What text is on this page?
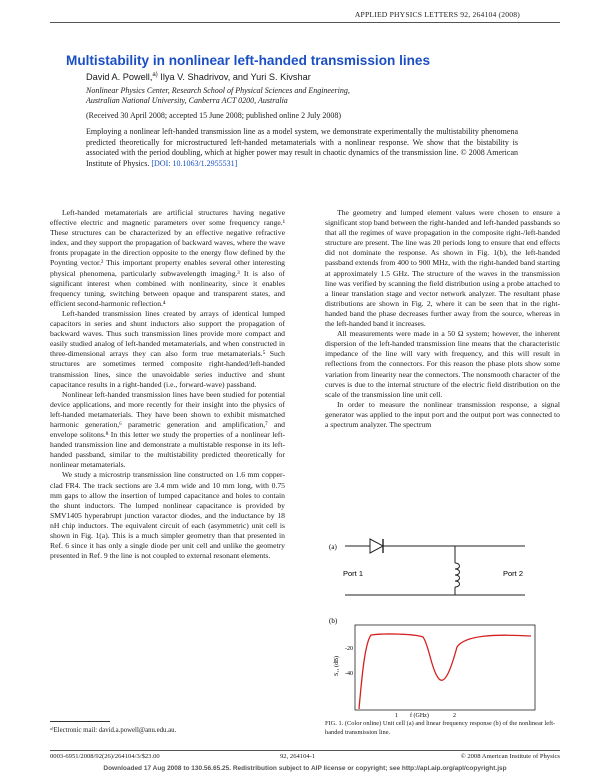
APPLIED PHYSICS LETTERS 92, 264104 (2008)
Multistability in nonlinear left-handed transmission lines
David A. Powell,$^{a)}$ Ilya V. Shadrivov, and Yuri S. Kivshar
Nonlinear Physics Center, Research School of Physical Sciences and Engineering,
Australian National University, Canberra ACT 0200, Australia
(Received 30 April 2008; accepted 15 June 2008; published online 2 July 2008)
Employing a nonlinear left-handed transmission line as a model system, we demonstrate experimentally the multistability phenomena predicted theoretically for microstructured left-handed metamaterials with a nonlinear response. We show that the bistability is associated with the period doubling, which at higher power may result in chaotic dynamics of the transmission line. © 2008 American Institute of Physics. [DOI: 10.1063/1.2955531]

Left-handed metamaterials are artificial structures having negative effective electric and magnetic parameters over some frequency range.¹ These structures can be characterized by an effective negative refractive index, and they support the propagation of backward waves, where the wave fronts propagate in the direction opposite to the energy flow defined by the Poynting vector.² This important property enables several other interesting physical phenomena, particularly subwavelength imaging.³ It is also of significant interest when combined with nonlinearity, since it enables frequency tuning, switching between opaque and transparent states, and efficient second-harmonic reflection.⁴

Left-handed transmission lines created by arrays of identical lumped capacitors in series and shunt inductors also support the propagation of backward waves. Thus such transmission lines provide more compact and easily studied analog of left-handed metamaterials, and when constructed in three-dimensional arrays they can also form true metamaterials.⁵ Such structures are sometimes termed composite right-handed/left-handed transmission lines, since the unavoidable series inductive and shunt capacitance results in a right-handed (i.e., forward-wave) passband.

Nonlinear left-handed transmission lines have been studied for potential device applications, and more recently for their insight into the physics of left-handed metamaterials. They have been shown to exhibit mismatched harmonic generation,⁶ parametric generation and amplification,⁷ and envelope solitons.⁸ In this letter we study the properties of a nonlinear left-handed transmission line and demonstrate a multistable response in its left-handed passband, similar to the multistability predicted theoretically for nonlinear metamaterials.

We study a microstrip transmission line constructed on 1.6 mm copper-clad FR4. The track sections are 3.4 mm wide and 10 mm long, with 0.75 mm gaps to allow the insertion of lumped capacitance and holes to contain the shunt inductors. The lumped nonlinear capacitance is provided by SMV1405 hyperabrupt junction varactor diodes, and the inductance by 18 nH chip inductors. The equivalent circuit of each (asymmetric) unit cell is shown in Fig. 1(a). This is a much simpler geometry than that presented in Ref. 6 since it has only a single diode per unit cell and unlike the geometry presented in Ref. 9 the line is not coupled to external resonant elements.

The geometry and lumped element values were chosen to ensure a significant stop band between the right-handed and left-handed passbands so that all the regimes of wave propagation in the composite right-/left-handed structure are present. The line was 20 periods long to ensure that end effects did not dominate the response. As shown in Fig. 1(b), the left-handed passband extends from 400 to 900 MHz, with the right-handed band starting at approximately 1.5 GHz. The structure of the waves in the transmission line was verified by scanning the field distribution using a probe attached to a linear translation stage and vector network analyzer. The resultant phase distributions are shown in Fig. 2, where it can be seen that in the right-handed band the phase decreases further away from the source, whereas in the left-handed band it increases.

All measurements were made in a 50 Ω system; however, the inherent dispersion of the left-handed transmission line means that the characteristic impedance of the line will vary with frequency, and this will result in reflections from the connectors. For this reason the phase plots show some variation from linearity near the connectors. The nonsmooth character of the curves is due to the internal structure of the electric field distribution on the scale of the transmission line unit cell.

In order to measure the nonlinear transmission response, a signal generator was applied to the input port and the output port was connected to a spectrum analyzer. The spectrum

(a)
Port 1	Port 2
(b)
S₂₁ (dB)
-20
-40
1	2
f (GHz)
FIG. 1. (Color online) Unit cell (a) and linear frequency response (b) of the nonlinear left-handed transmission line.
ᵃ⁾Electronic mail: david.a.powell@anu.edu.au.
0003-6951/2008/92(26)/264104/3/$23.00	92, 264104-1	© 2008 American Institute of Physics
Downloaded 17 Aug 2008 to 130.56.65.25. Redistribution subject to AIP license or copyright; see http://apl.aip.org/apl/copyright.jsp
